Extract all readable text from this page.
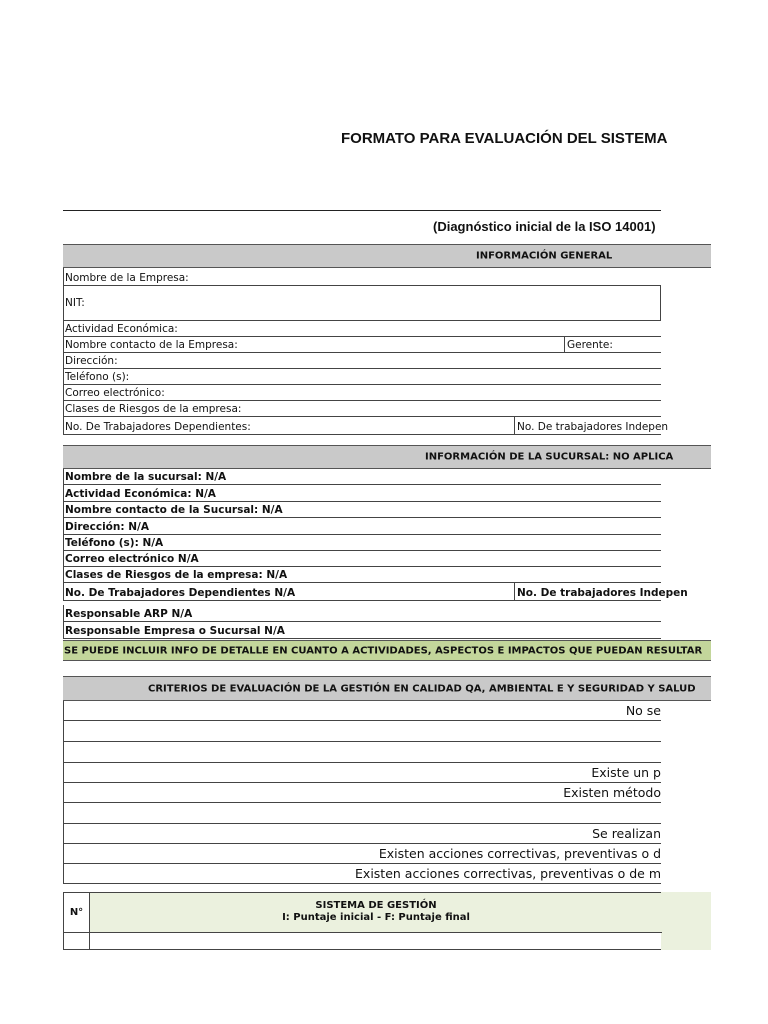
FORMATO PARA EVALUACIÓN DEL SISTEMA
(Diagnóstico inicial de la ISO 14001)
INFORMACIÓN GENERAL
Nombre de la Empresa:
NIT:
Actividad Económica:
Nombre contacto de la Empresa:	Gerente:
Dirección:
Teléfono (s):
Correo electrónico:
Clases de Riesgos de la empresa:
No. De Trabajadores Dependientes:	No. De trabajadores Indepen
INFORMACIÓN DE LA SUCURSAL: NO APLICA
Nombre de la sucursal: N/A
Actividad Económica: N/A
Nombre contacto de la Sucursal: N/A
Dirección: N/A
Teléfono (s): N/A
Correo electrónico N/A
Clases de Riesgos de la empresa: N/A
No. De Trabajadores Dependientes N/A	No. De trabajadores Indepen
Responsable ARP N/A
Responsable Empresa o Sucursal N/A
SE PUEDE INCLUIR INFO DE DETALLE EN CUANTO A ACTIVIDADES, ASPECTOS E IMPACTOS QUE PUEDAN RESULTAR
CRITERIOS DE EVALUACIÓN DE LA GESTIÓN EN CALIDAD QA, AMBIENTAL E Y SEGURIDAD Y SALUD
No se
Existe un p
Existen método
Se realizan
Existen acciones correctivas, preventivas o d
Existen acciones correctivas, preventivas o de m
N°
SISTEMA DE GESTIÓN
I: Puntaje inicial - F: Puntaje final
